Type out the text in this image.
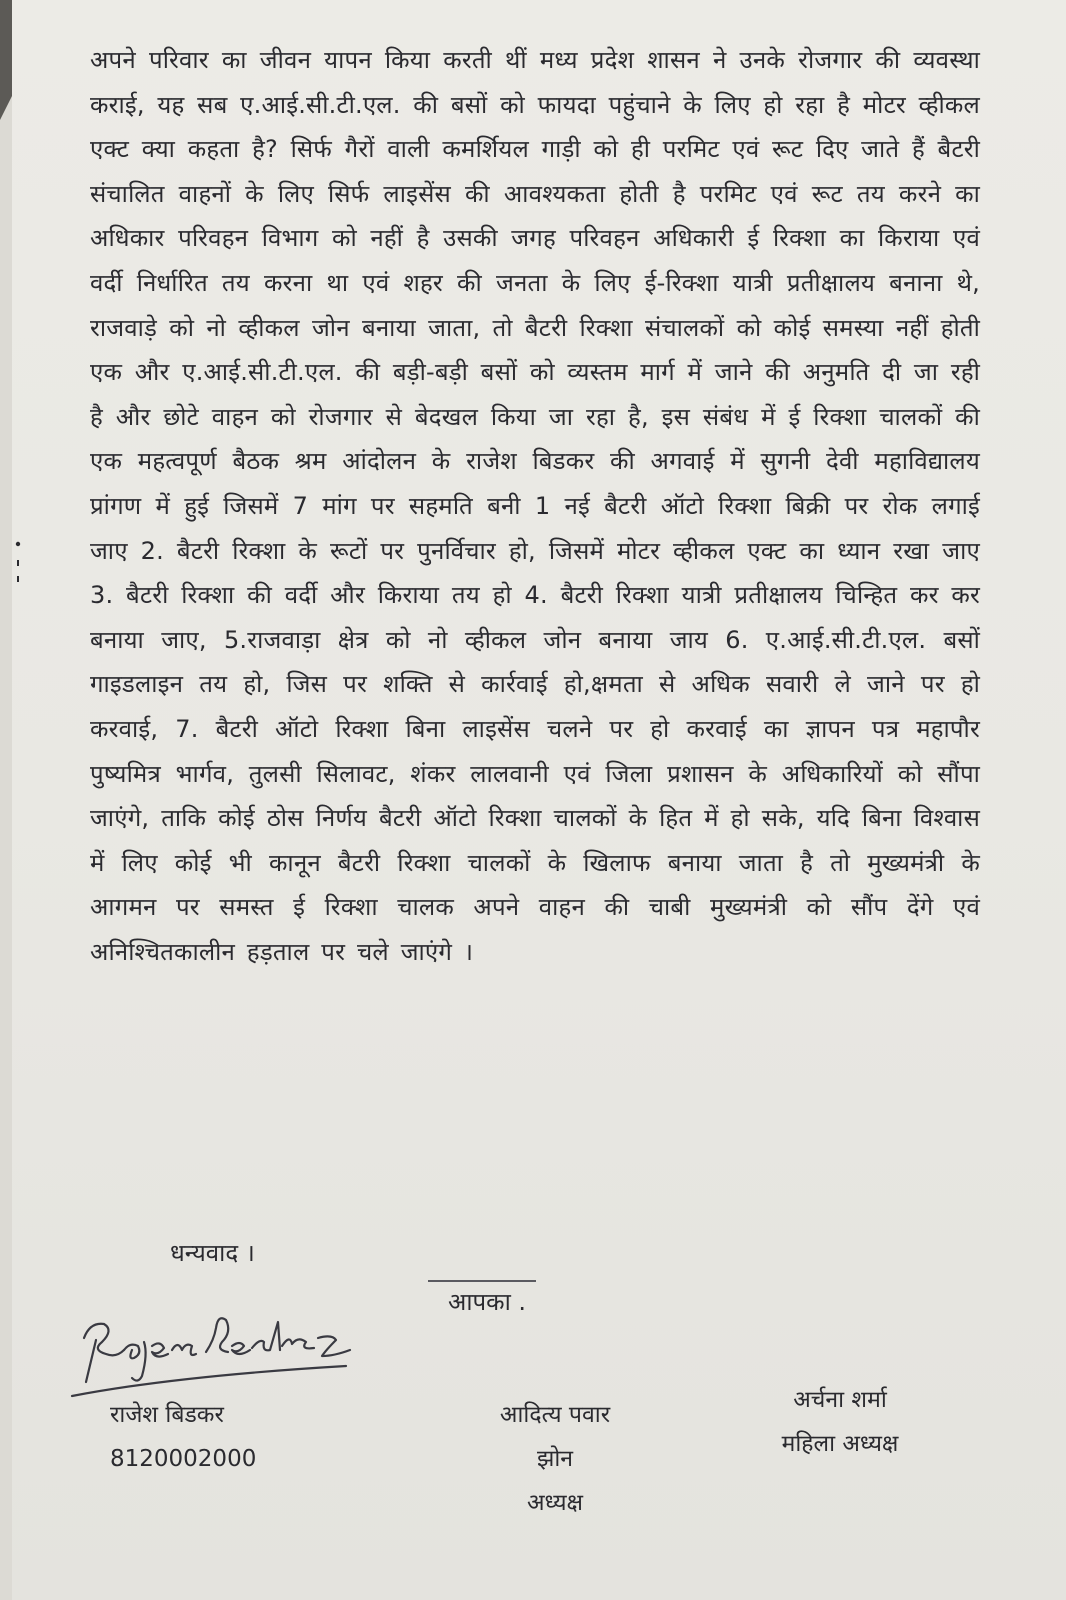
अपने परिवार का जीवन यापन किया करती थीं मध्य प्रदेश शासन ने उनके रोजगार की व्यवस्था कराई, यह सब ए.आई.सी.टी.एल. की बसों को फायदा पहुंचाने के लिए हो रहा है मोटर व्हीकल एक्ट क्या कहता है? सिर्फ गैरों वाली कमर्शियल गाड़ी को ही परमिट एवं रूट दिए जाते हैं बैटरी संचालित वाहनों के लिए सिर्फ लाइसेंस की आवश्यकता होती है परमिट एवं रूट तय करने का अधिकार परिवहन विभाग को नहीं है उसकी जगह परिवहन अधिकारी ई रिक्शा का किराया एवं वर्दी निर्धारित तय करना था एवं शहर की जनता के लिए ई-रिक्शा यात्री प्रतीक्षालय बनाना थे, राजवाड़े को नो व्हीकल जोन बनाया जाता, तो बैटरी रिक्शा संचालकों को कोई समस्या नहीं होती एक और ए.आई.सी.टी.एल. की बड़ी-बड़ी बसों को व्यस्तम मार्ग में जाने की अनुमति दी जा रही है और छोटे वाहन को रोजगार से बेदखल किया जा रहा है, इस संबंध में ई रिक्शा चालकों की एक महत्वपूर्ण बैठक श्रम आंदोलन के राजेश बिडकर की अगवाई में सुगनी देवी महाविद्यालय प्रांगण में हुई जिसमें 7 मांग पर सहमति बनी 1 नई बैटरी ऑटो रिक्शा बिक्री पर रोक लगाई जाए 2. बैटरी रिक्शा के रूटों पर पुनर्विचार हो, जिसमें मोटर व्हीकल एक्ट का ध्यान रखा जाए 3. बैटरी रिक्शा की वर्दी और किराया तय हो 4. बैटरी रिक्शा यात्री प्रतीक्षालय चिन्हित कर कर बनाया जाए, 5.राजवाड़ा क्षेत्र को नो व्हीकल जोन बनाया जाय 6. ए.आई.सी.टी.एल. बसों गाइडलाइन तय हो, जिस पर शक्ति से कार्रवाई हो,क्षमता से अधिक सवारी ले जाने पर हो करवाई, 7. बैटरी ऑटो रिक्शा बिना लाइसेंस चलने पर हो करवाई का ज्ञापन पत्र महापौर पुष्यमित्र भार्गव, तुलसी सिलावट, शंकर लालवानी एवं जिला प्रशासन के अधिकारियों को सौंपा जाएंगे, ताकि कोई ठोस निर्णय बैटरी ऑटो रिक्शा चालकों के हित में हो सके, यदि बिना विश्वास में लिए कोई भी कानून बैटरी रिक्शा चालकों के खिलाफ बनाया जाता है तो मुख्यमंत्री के आगमन पर समस्त ई रिक्शा चालक अपने वाहन की चाबी मुख्यमंत्री को सौंप देंगे एवं अनिश्चितकालीन हड़ताल पर चले जाएंगे ।

धन्यवाद ।
आपका .
राजेश बिडकर
8120002000
आदित्य पवार
झोन
अध्यक्ष
अर्चना शर्मा
महिला अध्यक्ष
